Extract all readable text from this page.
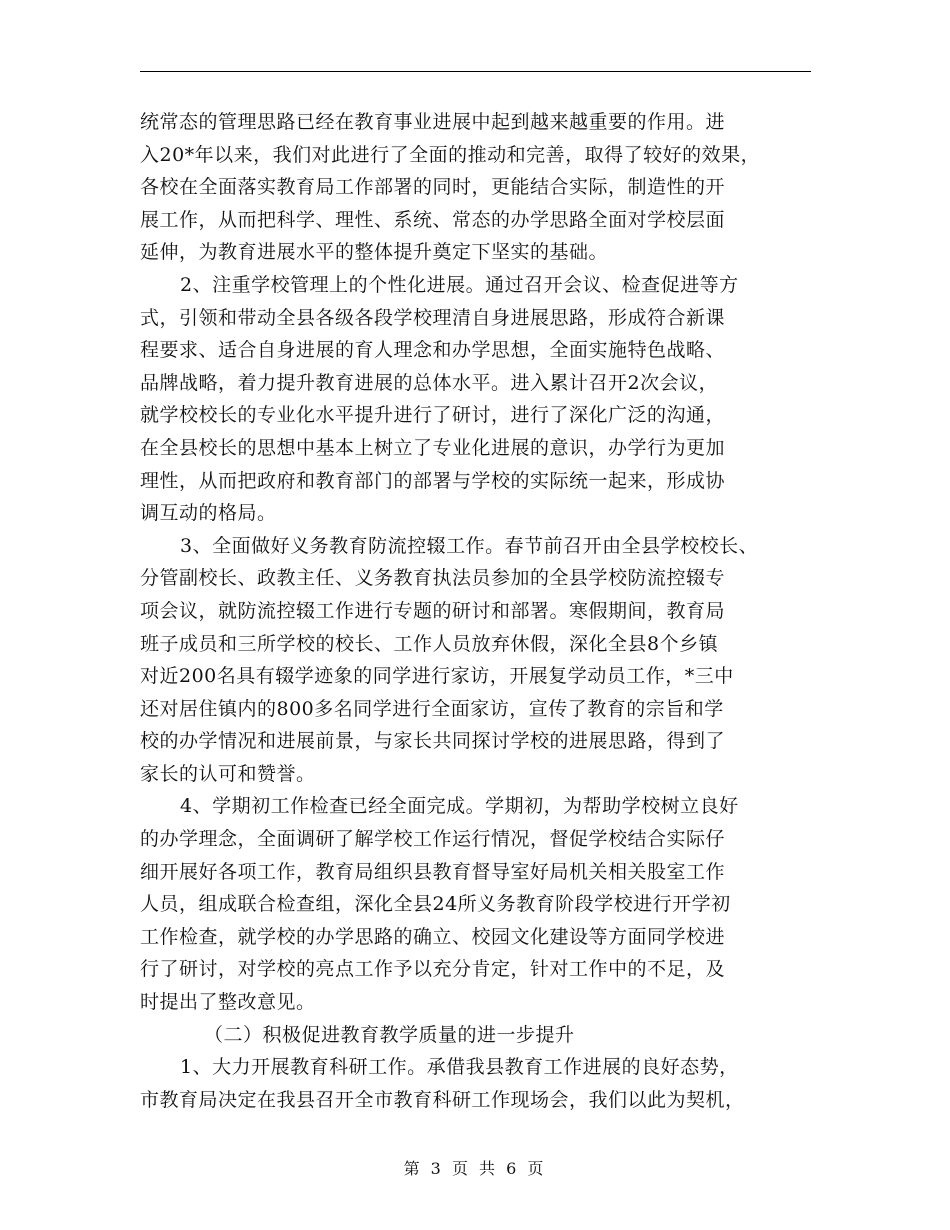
统常态的管理思路已经在教育事业进展中起到越来越重要的作用。进
入20*年以来，我们对此进行了全面的推动和完善，取得了较好的效果，
各校在全面落实教育局工作部署的同时，更能结合实际，制造性的开
展工作，从而把科学、理性、系统、常态的办学思路全面对学校层面
延伸，为教育进展水平的整体提升奠定下坚实的基础。
2、注重学校管理上的个性化进展。通过召开会议、检查促进等方
式，引领和带动全县各级各段学校理清自身进展思路，形成符合新课
程要求、适合自身进展的育人理念和办学思想，全面实施特色战略、
品牌战略，着力提升教育进展的总体水平。进入累计召开2次会议，
就学校校长的专业化水平提升进行了研讨，进行了深化广泛的沟通，
在全县校长的思想中基本上树立了专业化进展的意识，办学行为更加
理性，从而把政府和教育部门的部署与学校的实际统一起来，形成协
调互动的格局。
3、全面做好义务教育防流控辍工作。春节前召开由全县学校校长、
分管副校长、政教主任、义务教育执法员参加的全县学校防流控辍专
项会议，就防流控辍工作进行专题的研讨和部署。寒假期间，教育局
班子成员和三所学校的校长、工作人员放弃休假，深化全县8个乡镇
对近200名具有辍学迹象的同学进行家访，开展复学动员工作，*三中
还对居住镇内的800多名同学进行全面家访，宣传了教育的宗旨和学
校的办学情况和进展前景，与家长共同探讨学校的进展思路，得到了
家长的认可和赞誉。
4、学期初工作检查已经全面完成。学期初，为帮助学校树立良好
的办学理念，全面调研了解学校工作运行情况，督促学校结合实际仔
细开展好各项工作，教育局组织县教育督导室好局机关相关股室工作
人员，组成联合检查组，深化全县24所义务教育阶段学校进行开学初
工作检查，就学校的办学思路的确立、校园文化建设等方面同学校进
行了研讨，对学校的亮点工作予以充分肯定，针对工作中的不足，及
时提出了整改意见。
（二）积极促进教育教学质量的进一步提升
1、大力开展教育科研工作。承借我县教育工作进展的良好态势，
市教育局决定在我县召开全市教育科研工作现场会，我们以此为契机，
第 3 页 共 6 页
